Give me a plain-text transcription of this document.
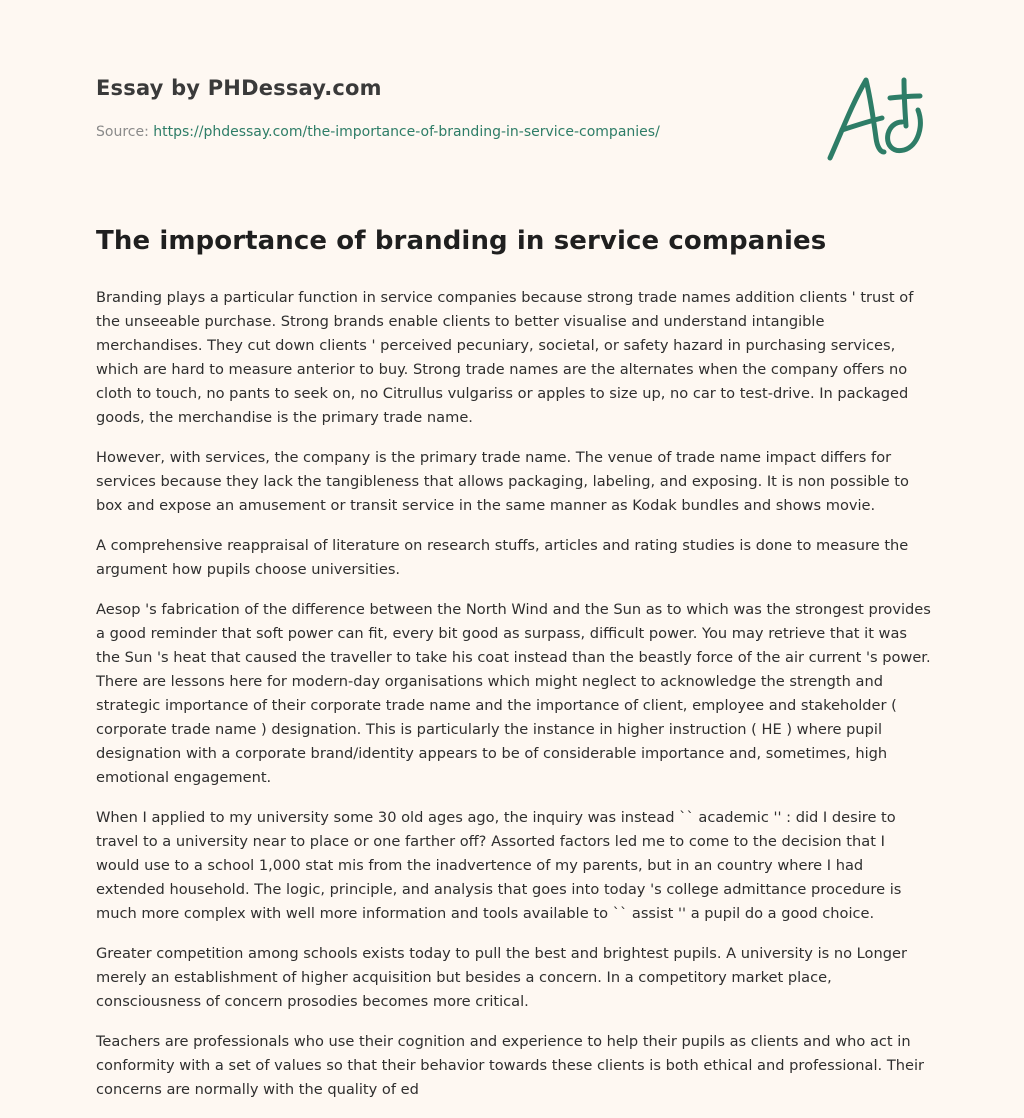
Essay by PHDessay.com

Source: https://phdessay.com/the-importance-of-branding-in-service-companies/

The importance of branding in service companies

Branding plays a particular function in service companies because strong trade names addition clients ' trust of the unseeable purchase. Strong brands enable clients to better visualise and understand intangible merchandises. They cut down clients ' perceived pecuniary, societal, or safety hazard in purchasing services, which are hard to measure anterior to buy. Strong trade names are the alternates when the company offers no cloth to touch, no pants to seek on, no Citrullus vulgariss or apples to size up, no car to test-drive. In packaged goods, the merchandise is the primary trade name.

However, with services, the company is the primary trade name. The venue of trade name impact differs for services because they lack the tangibleness that allows packaging, labeling, and exposing. It is non possible to box and expose an amusement or transit service in the same manner as Kodak bundles and shows movie.

A comprehensive reappraisal of literature on research stuffs, articles and rating studies is done to measure the argument how pupils choose universities.

Aesop 's fabrication of the difference between the North Wind and the Sun as to which was the strongest provides a good reminder that soft power can fit, every bit good as surpass, difficult power. You may retrieve that it was the Sun 's heat that caused the traveller to take his coat instead than the beastly force of the air current 's power. There are lessons here for modern-day organisations which might neglect to acknowledge the strength and strategic importance of their corporate trade name and the importance of client, employee and stakeholder ( corporate trade name ) designation. This is particularly the instance in higher instruction ( HE ) where pupil designation with a corporate brand/identity appears to be of considerable importance and, sometimes, high emotional engagement.

When I applied to my university some 30 old ages ago, the inquiry was instead `` academic '' : did I desire to travel to a university near to place or one farther off? Assorted factors led me to come to the decision that I would use to a school 1,000 stat mis from the inadvertence of my parents, but in an country where I had extended household. The logic, principle, and analysis that goes into today 's college admittance procedure is much more complex with well more information and tools available to `` assist '' a pupil do a good choice.

Greater competition among schools exists today to pull the best and brightest pupils. A university is no Longer merely an establishment of higher acquisition but besides a concern. In a competitory market place, consciousness of concern prosodies becomes more critical.

Teachers are professionals who use their cognition and experience to help their pupils as clients and who act in conformity with a set of values so that their behavior towards these clients is both ethical and professional. Their concerns are normally with the quality of ed
